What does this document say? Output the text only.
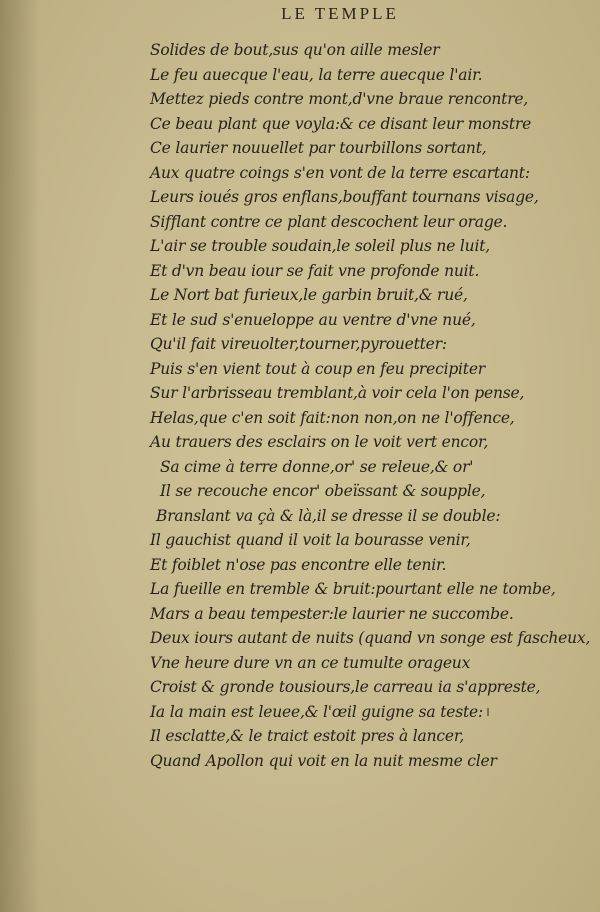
LE TEMPLE
Solides de bout,sus qu'on aille mesler
Le feu auecque l'eau, la terre auecque l'air.
Mettez pieds contre mont,d'vne braue rencontre,
Ce beau plant que voyla:& ce disant leur monstre
Ce laurier nouuellet par tourbillons sortant,
Aux quatre coings s'en vont de la terre escartant:
Leurs ioués gros enflans,bouffant tournans visage,
Sifflant contre ce plant descochent leur orage.
L'air se trouble soudain,le soleil plus ne luit,
Et d'vn beau iour se fait vne profonde nuit.
Le Nort bat furieux,le garbin bruit,& rué,
Et le sud s'enueloppe au ventre d'vne nué,
Qu'il fait vireuolter,tourner,pyrouetter:
Puis s'en vient tout à coup en feu precipiter
Sur l'arbrisseau tremblant,à voir cela l'on pense,
Helas,que c'en soit fait:non non,on ne l'offence,
Au trauers des esclairs on le voit vert encor,
Sa cime à terre donne,or' se releue,& or'
Il se recouche encor' obeïssant & soupple,
Branslant va çà & là,il se dresse il se double:
Il gauchist quand il voit la bourasse venir,
Et foiblet n'ose pas encontre elle tenir.
La fueille en tremble & bruit:pourtant elle ne tombe,
Mars a beau tempester:le laurier ne succombe.
Deux iours autant de nuits (quand vn songe est fascheux,
Vne heure dure vn an ce tumulte orageux
Croist & gronde tousiours,le carreau ia s'appreste,
Ia la main est leuee,& l'œil guigne sa teste:
Il esclatte,& le traict estoit pres à lancer,
Quand Apollon qui voit en la nuit mesme cler
